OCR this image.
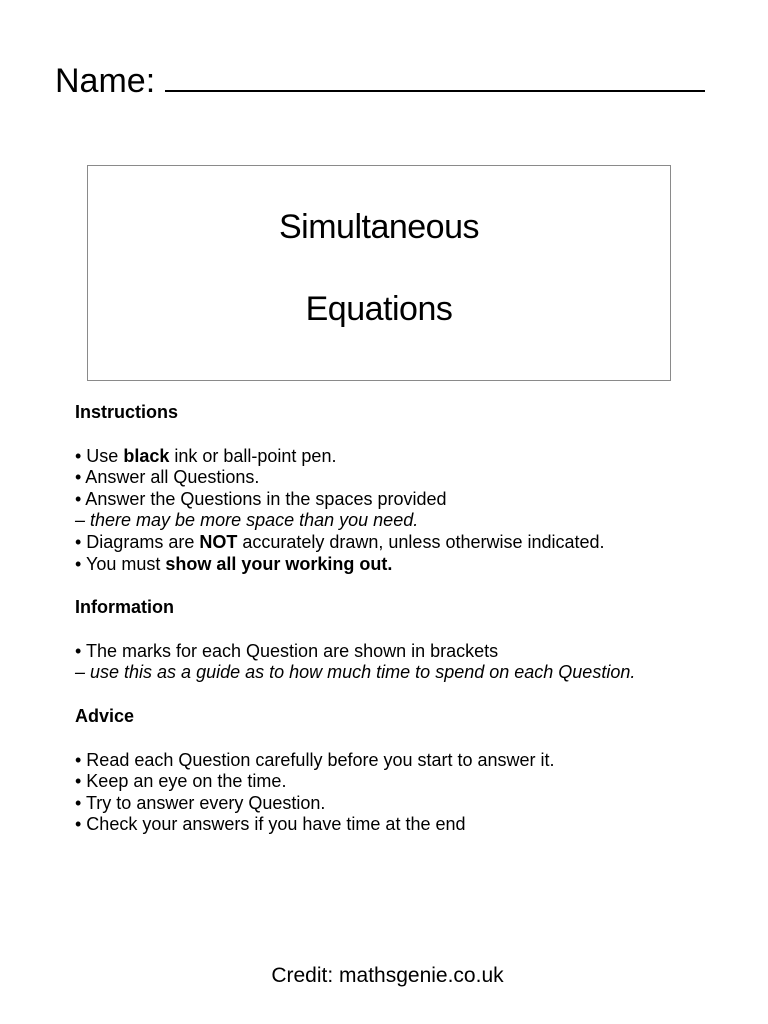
Name:
Simultaneous
Equations

Instructions

• Use black ink or ball-point pen.

• Answer all Questions.

• Answer the Questions in the spaces provided

– there may be more space than you need.

• Diagrams are NOT accurately drawn, unless otherwise indicated.

• You must show all your working out.

Information

• The marks for each Question are shown in brackets

– use this as a guide as to how much time to spend on each Question.

Advice

• Read each Question carefully before you start to answer it.

• Keep an eye on the time.

• Try to answer every Question.

• Check your answers if you have time at the end

Credit: mathsgenie.co.uk
